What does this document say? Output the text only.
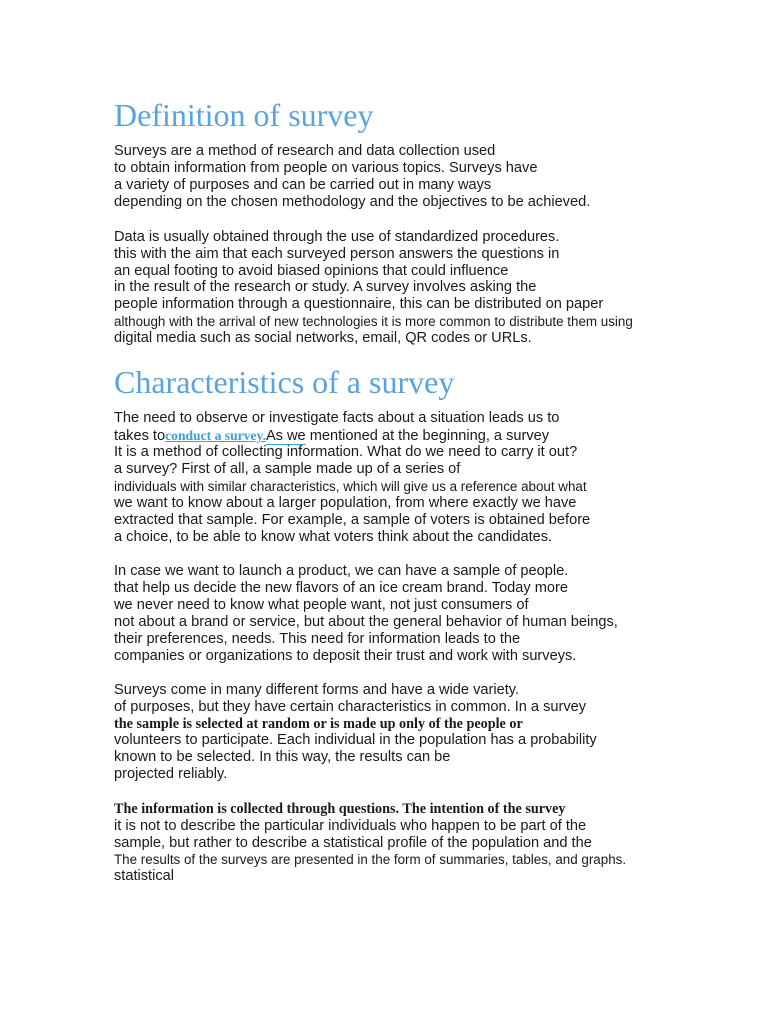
Definition of survey
Surveys are a method of research and data collection used
to obtain information from people on various topics. Surveys have
a variety of purposes and can be carried out in many ways
depending on the chosen methodology and the objectives to be achieved.
Data is usually obtained through the use of standardized procedures.
this with the aim that each surveyed person answers the questions in
an equal footing to avoid biased opinions that could influence
in the result of the research or study. A survey involves asking the
people information through a questionnaire, this can be distributed on paper
although with the arrival of new technologies it is more common to distribute them using
digital media such as social networks, email, QR codes or URLs.
Characteristics of a survey
The need to observe or investigate facts about a situation leads us to
takes toconduct a survey.As we mentioned at the beginning, a survey
It is a method of collecting information. What do we need to carry it out?
a survey? First of all, a sample made up of a series of
individuals with similar characteristics, which will give us a reference about what
we want to know about a larger population, from where exactly we have
extracted that sample. For example, a sample of voters is obtained before
a choice, to be able to know what voters think about the candidates.
In case we want to launch a product, we can have a sample of people.
that help us decide the new flavors of an ice cream brand. Today more
we never need to know what people want, not just consumers of
not about a brand or service, but about the general behavior of human beings,
their preferences, needs. This need for information leads to the
companies or organizations to deposit their trust and work with surveys.
Surveys come in many different forms and have a wide variety.
of purposes, but they have certain characteristics in common. In a survey
the sample is selected at random or is made up only of the people or
volunteers to participate. Each individual in the population has a probability
known to be selected. In this way, the results can be
projected reliably.
The information is collected through questions. The intention of the survey
it is not to describe the particular individuals who happen to be part of the
sample, but rather to describe a statistical profile of the population and the
The results of the surveys are presented in the form of summaries, tables, and graphs.
statistical
